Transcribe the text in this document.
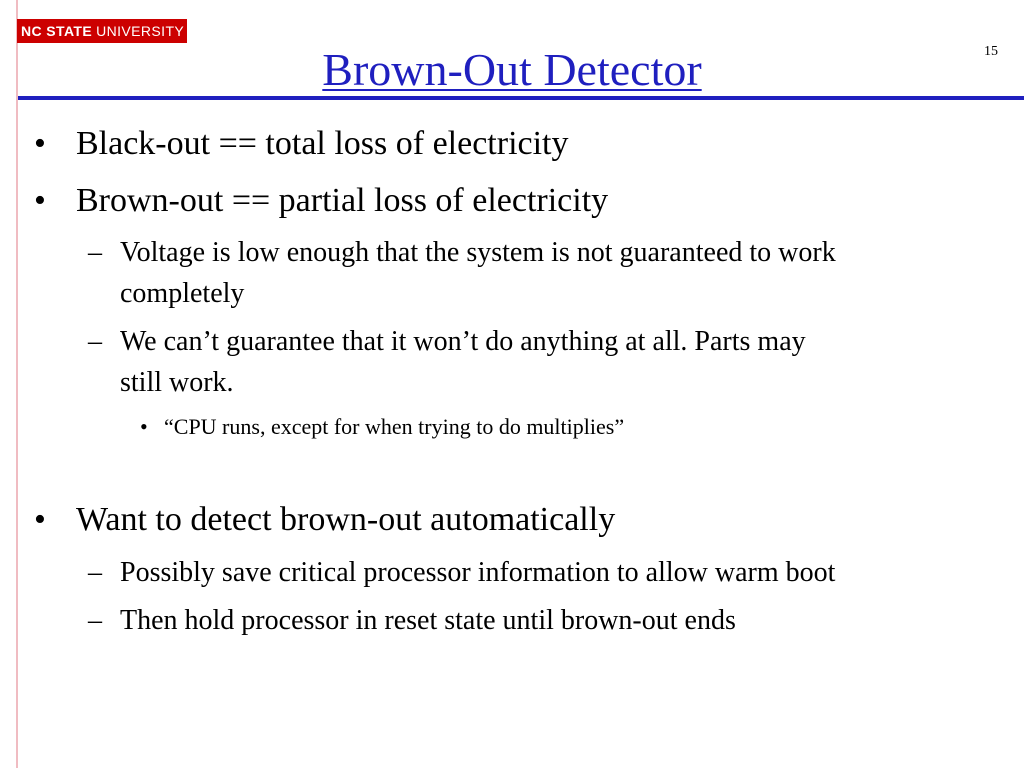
NC STATE UNIVERSITY
Brown-Out Detector	15
• Black-out == total loss of electricity
• Brown-out == partial loss of electricity
– Voltage is low enough that the system is not guaranteed to work
completely
– We can’t guarantee that it won’t do anything at all. Parts may
still work.
• “CPU runs, except for when trying to do multiplies”
• Want to detect brown-out automatically
– Possibly save critical processor information to allow warm boot
– Then hold processor in reset state until brown-out ends
